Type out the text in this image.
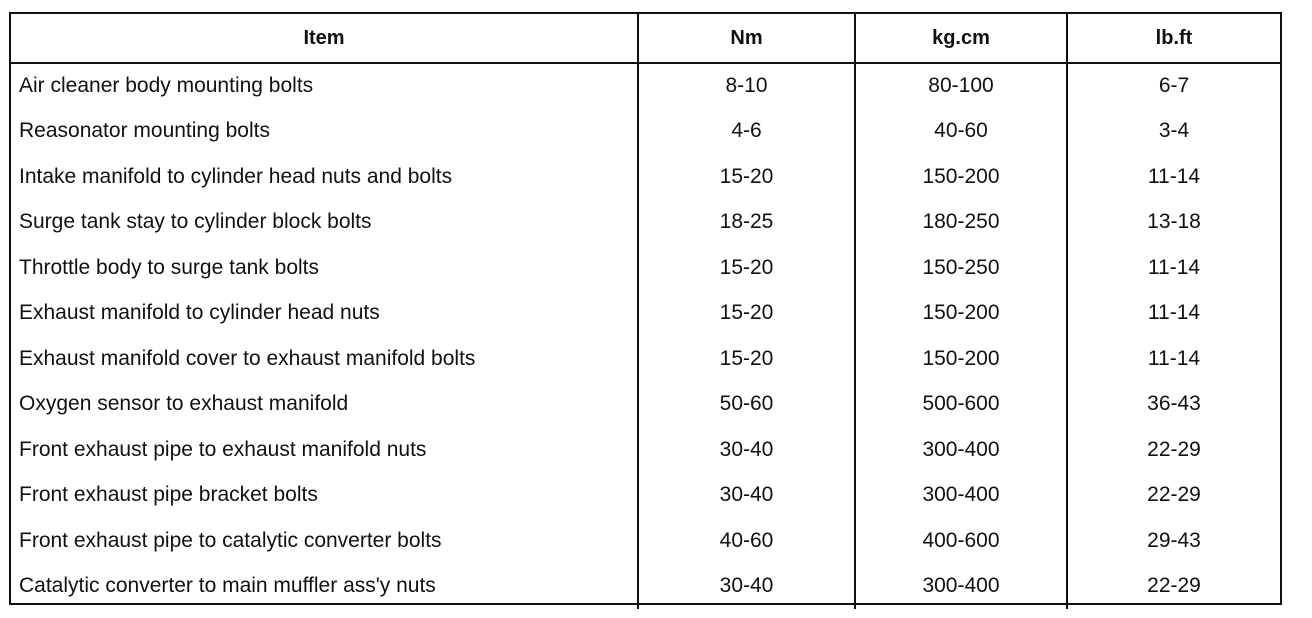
Item	Nm	kg.cm	lb.ft
Air cleaner body mounting bolts	8-10	80-100	6-7
Reasonator mounting bolts	4-6	40-60	3-4
Intake manifold to cylinder head nuts and bolts	15-20	150-200	11-14
Surge tank stay to cylinder block bolts	18-25	180-250	13-18
Throttle body to surge tank bolts	15-20	150-250	11-14
Exhaust manifold to cylinder head nuts	15-20	150-200	11-14
Exhaust manifold cover to exhaust manifold bolts	15-20	150-200	11-14
Oxygen sensor to exhaust manifold	50-60	500-600	36-43
Front exhaust pipe to exhaust manifold nuts	30-40	300-400	22-29
Front exhaust pipe bracket bolts	30-40	300-400	22-29
Front exhaust pipe to catalytic converter bolts	40-60	400-600	29-43
Catalytic converter to main muffler ass'y nuts	30-40	300-400	22-29
